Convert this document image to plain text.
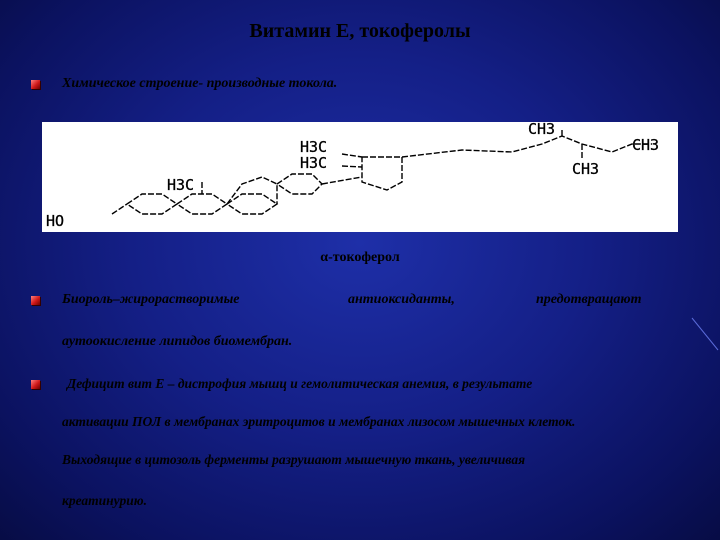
Витамин Е, токоферолы
Химическое строение- производные токола.
H3C
H3C
H3C
CH3
CH3
CH3
HO
α-токоферол
Биороль–жирорастворимые	антиоксиданты,	предотвращают
аутоокисление липидов биомембран.
Дефицит вит Е – дистрофия мышц и гемолитическая анемия, в результате
активации ПОЛ в мембранах эритроцитов и мембранах лизосом мышечных клеток.
Выходящие в цитозоль ферменты разрушают мышечную ткань, увеличивая
креатинурию.
